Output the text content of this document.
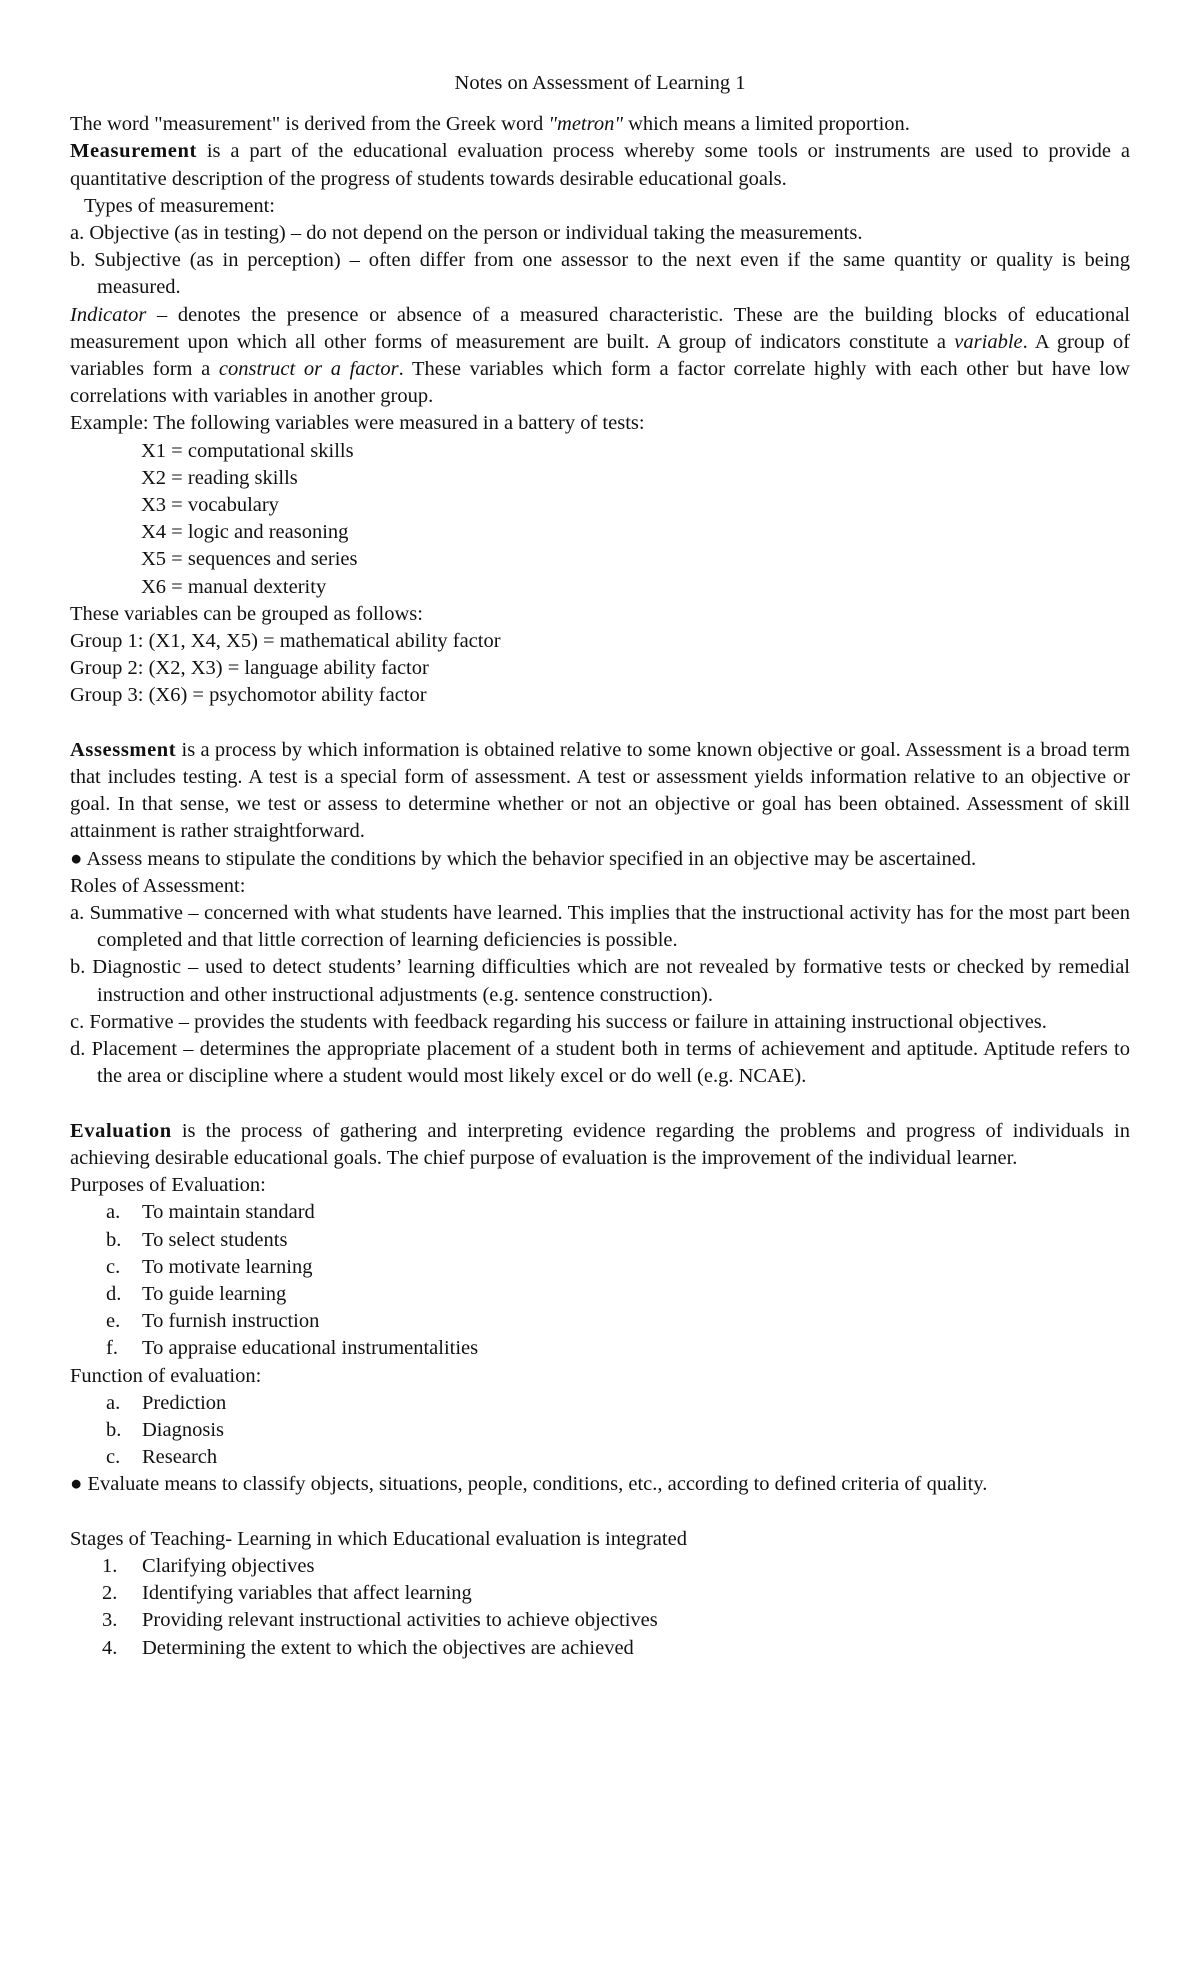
Notes on Assessment of Learning 1

The word "measurement" is derived from the Greek word "metron" which means a limited proportion.

Measurement is a part of the educational evaluation process whereby some tools or instruments are used to provide a quantitative description of the progress of students towards desirable educational goals.

Types of measurement:

a. Objective (as in testing) – do not depend on the person or individual taking the measurements.

b. Subjective (as in perception) – often differ from one assessor to the next even if the same quantity or quality is being measured.

Indicator – denotes the presence or absence of a measured characteristic. These are the building blocks of educational measurement upon which all other forms of measurement are built. A group of indicators constitute a variable. A group of variables form a construct or a factor. These variables which form a factor correlate highly with each other but have low correlations with variables in another group.

Example: The following variables were measured in a battery of tests:

X1 = computational skills

X2 = reading skills

X3 = vocabulary

X4 = logic and reasoning

X5 = sequences and series

X6 = manual dexterity

These variables can be grouped as follows:

Group 1: (X1, X4, X5) = mathematical ability factor

Group 2: (X2, X3) = language ability factor

Group 3: (X6) = psychomotor ability factor

Assessment is a process by which information is obtained relative to some known objective or goal. Assessment is a broad term that includes testing. A test is a special form of assessment. A test or assessment yields information relative to an objective or goal. In that sense, we test or assess to determine whether or not an objective or goal has been obtained. Assessment of skill attainment is rather straightforward.

● Assess means to stipulate the conditions by which the behavior specified in an objective may be ascertained.

Roles of Assessment:

a. Summative – concerned with what students have learned. This implies that the instructional activity has for the most part been completed and that little correction of learning deficiencies is possible.

b. Diagnostic – used to detect students’ learning difficulties which are not revealed by formative tests or checked by remedial instruction and other instructional adjustments (e.g. sentence construction).

c. Formative – provides the students with feedback regarding his success or failure in attaining instructional objectives.

d. Placement – determines the appropriate placement of a student both in terms of achievement and aptitude. Aptitude refers to the area or discipline where a student would most likely excel or do well (e.g. NCAE).

Evaluation is the process of gathering and interpreting evidence regarding the problems and progress of individuals in achieving desirable educational goals. The chief purpose of evaluation is the improvement of the individual learner.

Purposes of Evaluation:

a.	To maintain standard
b.	To select students
c.	To motivate learning
d.	To guide learning
e.	To furnish instruction
f.	To appraise educational instrumentalities

Function of evaluation:

a.	Prediction
b.	Diagnosis
c.	Research

● Evaluate means to classify objects, situations, people, conditions, etc., according to defined criteria of quality.

Stages of Teaching- Learning in which Educational evaluation is integrated

1.	Clarifying objectives
2.	Identifying variables that affect learning
3.	Providing relevant instructional activities to achieve objectives
4.	Determining the extent to which the objectives are achieved
